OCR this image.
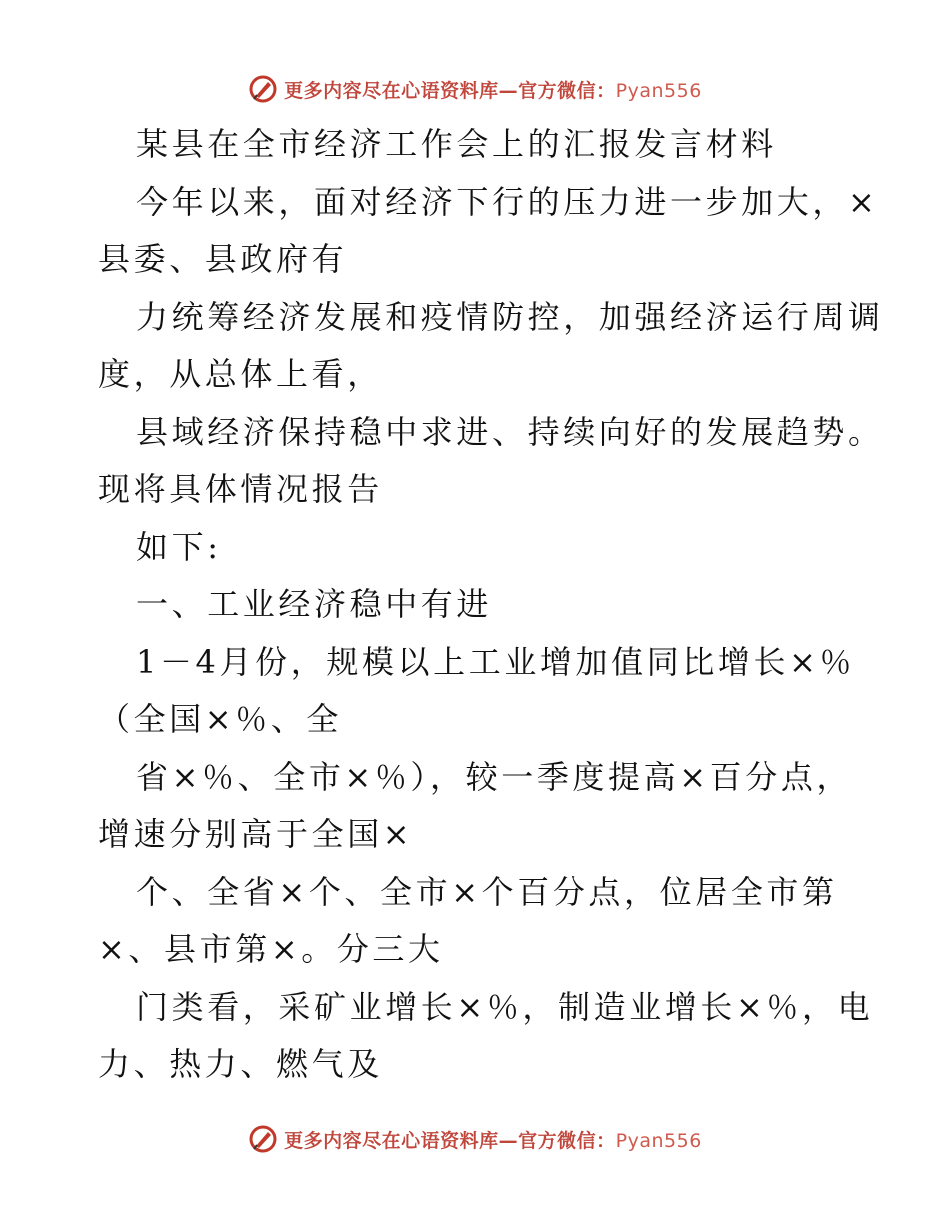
更多内容尽在心语资料库—官方微信：Pyan556
某县在全市经济工作会上的汇报发言材料
今年以来，面对经济下行的压力进一步加大，×
县委、县政府有
力统筹经济发展和疫情防控，加强经济运行周调
度，从总体上看，
县域经济保持稳中求进、持续向好的发展趋势。
现将具体情况报告
如下:
一、工业经济稳中有进
1－4月份，规模以上工业增加值同比增长×％
（全国×％、全
省×％、全市×％），较一季度提高×百分点，
增速分别高于全国×
个、全省×个、全市×个百分点，位居全市第
×、县市第×。分三大
门类看，采矿业增长×％，制造业增长×％，电
力、热力、燃气及
更多内容尽在心语资料库—官方微信：Pyan556
